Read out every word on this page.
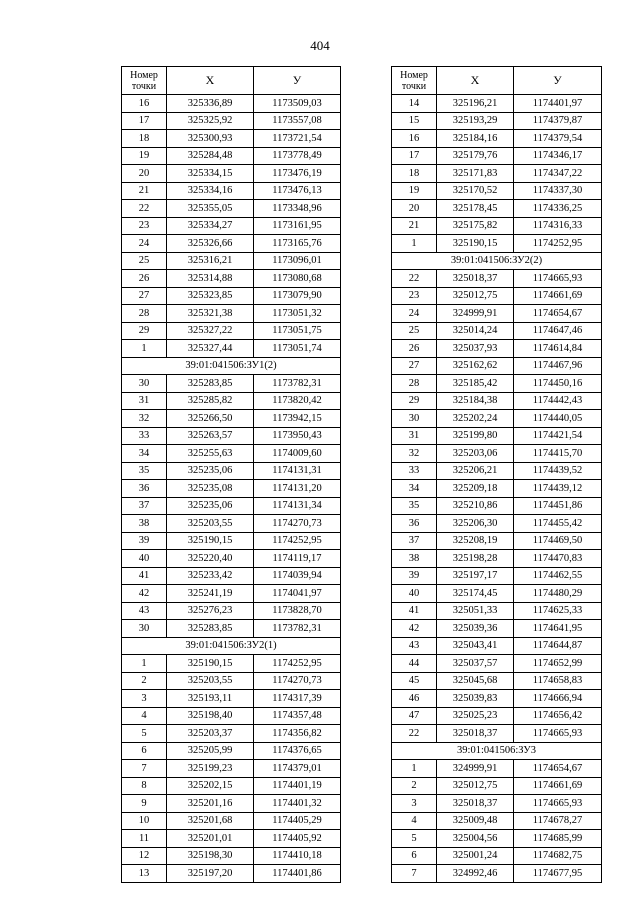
404
Номер
точки	X	У
16	325336,89	1173509,03
17	325325,92	1173557,08
18	325300,93	1173721,54
19	325284,48	1173778,49
20	325334,15	1173476,19
21	325334,16	1173476,13
22	325355,05	1173348,96
23	325334,27	1173161,95
24	325326,66	1173165,76
25	325316,21	1173096,01
26	325314,88	1173080,68
27	325323,85	1173079,90
28	325321,38	1173051,32
29	325327,22	1173051,75
1	325327,44	1173051,74
39:01:041506:ЗУ1(2)		
30	325283,85	1173782,31
31	325285,82	1173820,42
32	325266,50	1173942,15
33	325263,57	1173950,43
34	325255,63	1174009,60
35	325235,06	1174131,31
36	325235,08	1174131,20
37	325235,06	1174131,34
38	325203,55	1174270,73
39	325190,15	1174252,95
40	325220,40	1174119,17
41	325233,42	1174039,94
42	325241,19	1174041,97
43	325276,23	1173828,70
30	325283,85	1173782,31
39:01:041506:ЗУ2(1)		
1	325190,15	1174252,95
2	325203,55	1174270,73
3	325193,11	1174317,39
4	325198,40	1174357,48
5	325203,37	1174356,82
6	325205,99	1174376,65
7	325199,23	1174379,01
8	325202,15	1174401,19
9	325201,16	1174401,32
10	325201,68	1174405,29
11	325201,01	1174405,92
12	325198,30	1174410,18
13	325197,20	1174401,86
Номер
точки	X	У
14	325196,21	1174401,97
15	325193,29	1174379,87
16	325184,16	1174379,54
17	325179,76	1174346,17
18	325171,83	1174347,22
19	325170,52	1174337,30
20	325178,45	1174336,25
21	325175,82	1174316,33
1	325190,15	1174252,95
39:01:041506:ЗУ2(2)		
22	325018,37	1174665,93
23	325012,75	1174661,69
24	324999,91	1174654,67
25	325014,24	1174647,46
26	325037,93	1174614,84
27	325162,62	1174467,96
28	325185,42	1174450,16
29	325184,38	1174442,43
30	325202,24	1174440,05
31	325199,80	1174421,54
32	325203,06	1174415,70
33	325206,21	1174439,52
34	325209,18	1174439,12
35	325210,86	1174451,86
36	325206,30	1174455,42
37	325208,19	1174469,50
38	325198,28	1174470,83
39	325197,17	1174462,55
40	325174,45	1174480,29
41	325051,33	1174625,33
42	325039,36	1174641,95
43	325043,41	1174644,87
44	325037,57	1174652,99
45	325045,68	1174658,83
46	325039,83	1174666,94
47	325025,23	1174656,42
22	325018,37	1174665,93
39:01:041506:ЗУ3		
1	324999,91	1174654,67
2	325012,75	1174661,69
3	325018,37	1174665,93
4	325009,48	1174678,27
5	325004,56	1174685,99
6	325001,24	1174682,75
7	324992,46	1174677,95
